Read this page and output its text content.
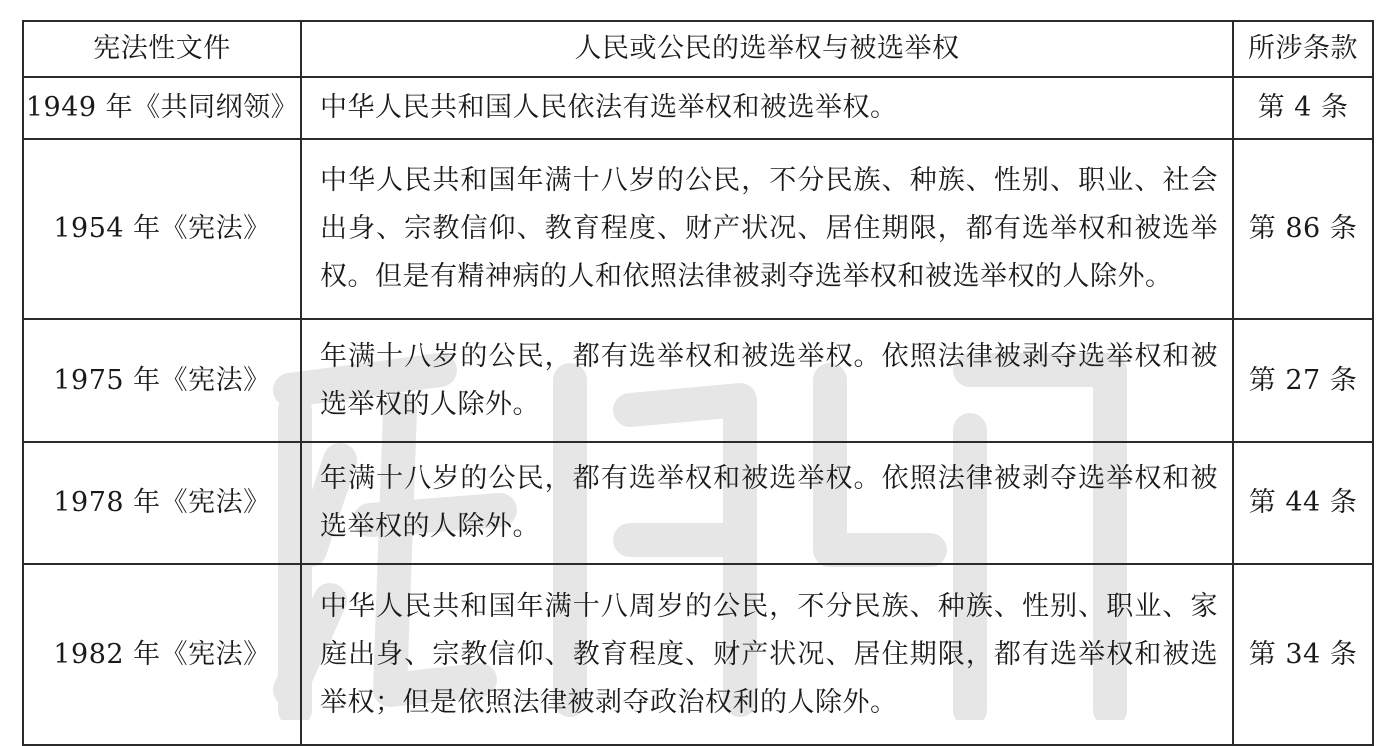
宪法性文件	人民或公民的选举权与被选举权	所涉条款
1949 年《共同纲领》	中华人民共和国人民依法有选举权和被选举权。	第 4 条
1954 年《宪法》	中华人民共和国年满十八岁的公民，不分民族、种族、性别、职业、社会出身、宗教信仰、教育程度、财产状况、居住期限，都有选举权和被选举权。但是有精神病的人和依照法律被剥夺选举权和被选举权的人除外。	第 86 条
1975 年《宪法》	年满十八岁的公民，都有选举权和被选举权。依照法律被剥夺选举权和被选举权的人除外。	第 27 条
1978 年《宪法》	年满十八岁的公民，都有选举权和被选举权。依照法律被剥夺选举权和被选举权的人除外。	第 44 条
1982 年《宪法》	中华人民共和国年满十八周岁的公民，不分民族、种族、性别、职业、家庭出身、宗教信仰、教育程度、财产状况、居住期限，都有选举权和被选举权；但是依照法律被剥夺政治权利的人除外。	第 34 条
